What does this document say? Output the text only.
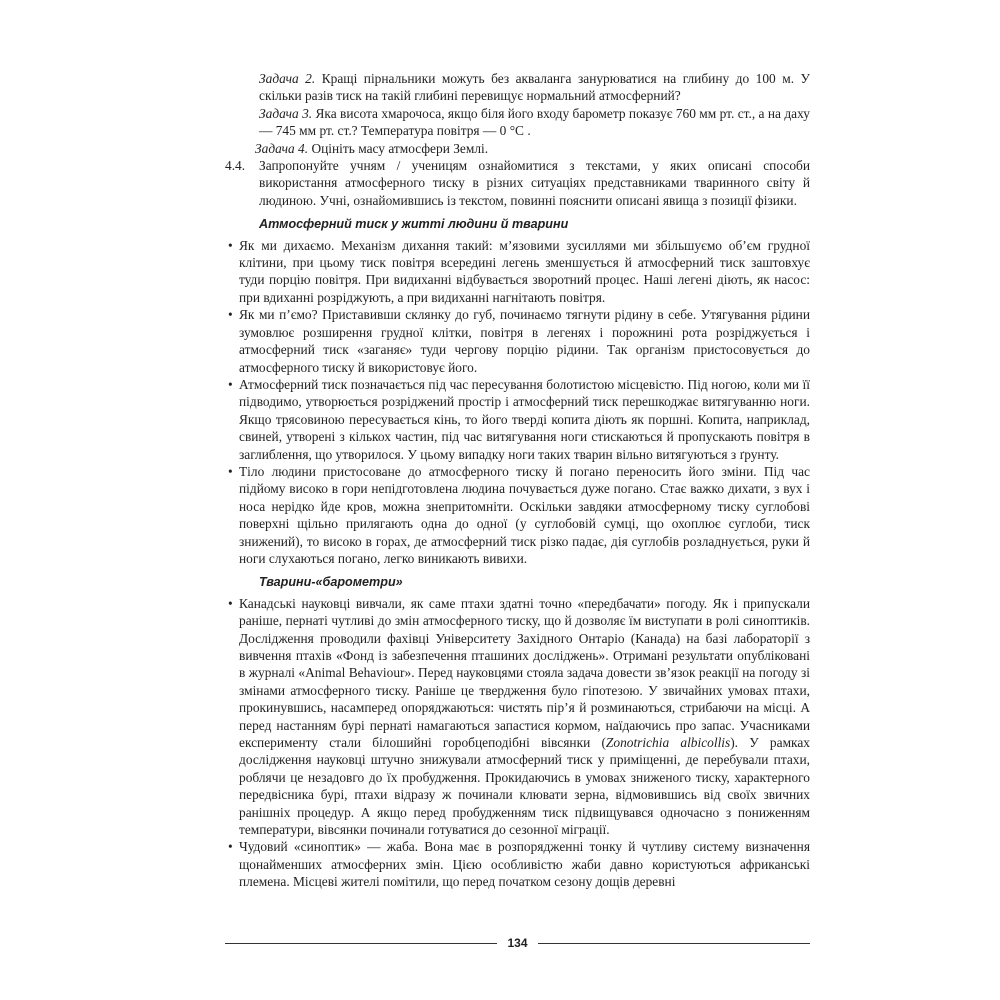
Задача 2. Кращі пірнальники можуть без акваланга занурюватися на глибину до 100 м. У скільки разів тиск на такій глибині перевищує нормальний атмосферний?

Задача 3. Яка висота хмарочоса, якщо біля його входу барометр показує 760 мм рт. ст., а на даху — 745 мм рт. ст.? Температура повітря — 0 °С .

Задача 4. Оцініть масу атмосфери Землі.

4.4.	Запропонуйте учням / ученицям ознайомитися з текстами, у яких описані способи використання атмосферного тиску в різних ситуаціях представниками тваринного світу й людиною. Учні, ознайомившись із текстом, повинні пояснити описані явища з позиції фізики.
Атмосферний тиск у житті людини й тварини
• Як ми дихаємо. Механізм дихання такий: м’язовими зусиллями ми збільшуємо об’єм грудної клітини, при цьому тиск повітря всередині легень зменшується й атмосферний тиск заштовхує туди порцію повітря. При видиханні відбувається зворотний процес. Наші легені діють, як насос: при вдиханні розріджують, а при видиханні нагнітають повітря.
• Як ми п’ємо? Приставивши склянку до губ, починаємо тягнути рідину в себе. Утягування рідини зумовлює розширення грудної клітки, повітря в легенях і порожнині рота розріджується і атмосферний тиск «заганяє» туди чергову порцію рідини. Так організм пристосовується до атмосферного тиску й використовує його.
• Атмосферний тиск позначається під час пересування болотистою місцевістю. Під ногою, коли ми її підводимо, утворюється розріджений простір і атмосферний тиск перешкоджає витягуванню ноги. Якщо трясовиною пересувається кінь, то його тверді копита діють як поршні. Копита, наприклад, свиней, утворені з кількох частин, під час витягування ноги стискаються й пропускають повітря в заглиблення, що утворилося. У цьому випадку ноги таких тварин вільно витягуються з ґрунту.
• Тіло людини пристосоване до атмосферного тиску й погано переносить його зміни. Під час підйому високо в гори непідготовлена людина почувається дуже погано. Стає важко дихати, з вух і носа нерідко йде кров, можна знепритомніти. Оскільки завдяки атмосферному тиску суглобові поверхні щільно прилягають одна до одної (у суглобовій сумці, що охоплює суглоби, тиск знижений), то високо в горах, де атмосферний тиск різко падає, дія суглобів розладнується, руки й ноги слухаються погано, легко виникають вивихи.
Тварини-«барометри»
• Канадські науковці вивчали, як саме птахи здатні точно «передбачати» погоду. Як і припускали раніше, пернаті чутливі до змін атмосферного тиску, що й дозволяє їм виступати в ролі синоптиків. Дослідження проводили фахівці Університету Західного Онтаріо (Канада) на базі лабораторії з вивчення птахів «Фонд із забезпечення пташиних досліджень». Отримані результати опубліковані в журналі «Animal Behaviour». Перед науковцями стояла задача довести зв’язок реакції на погоду зі змінами атмосферного тиску. Раніше це твердження було гіпотезою. У звичайних умовах птахи, прокинувшись, насамперед опоряджаються: чистять пір’я й розминаються, стрибаючи на місці. А перед настанням бурі пернаті намагаються запастися кормом, наїдаючись про запас. Учасниками експерименту стали білошийні горобцеподібні вівсянки (Zonotrichia albicollis). У рамках дослідження науковці штучно знижували атмосферний тиск у приміщенні, де перебували птахи, роблячи це незадовго до їх пробудження. Прокидаючись в умовах зниженого тиску, характерного передвісника бурі, птахи відразу ж починали клювати зерна, відмовившись від своїх звичних ранішніх процедур. А якщо перед пробудженням тиск підвищувався одночасно з пониженням температури, вівсянки починали готуватися до сезонної міграції.
• Чудовий «синоптик» — жаба. Вона має в розпорядженні тонку й чутливу систему визначення щонайменших атмосферних змін. Цією особливістю жаби давно користуються африканські племена. Місцеві жителі помітили, що перед початком сезону дощів деревні
134
